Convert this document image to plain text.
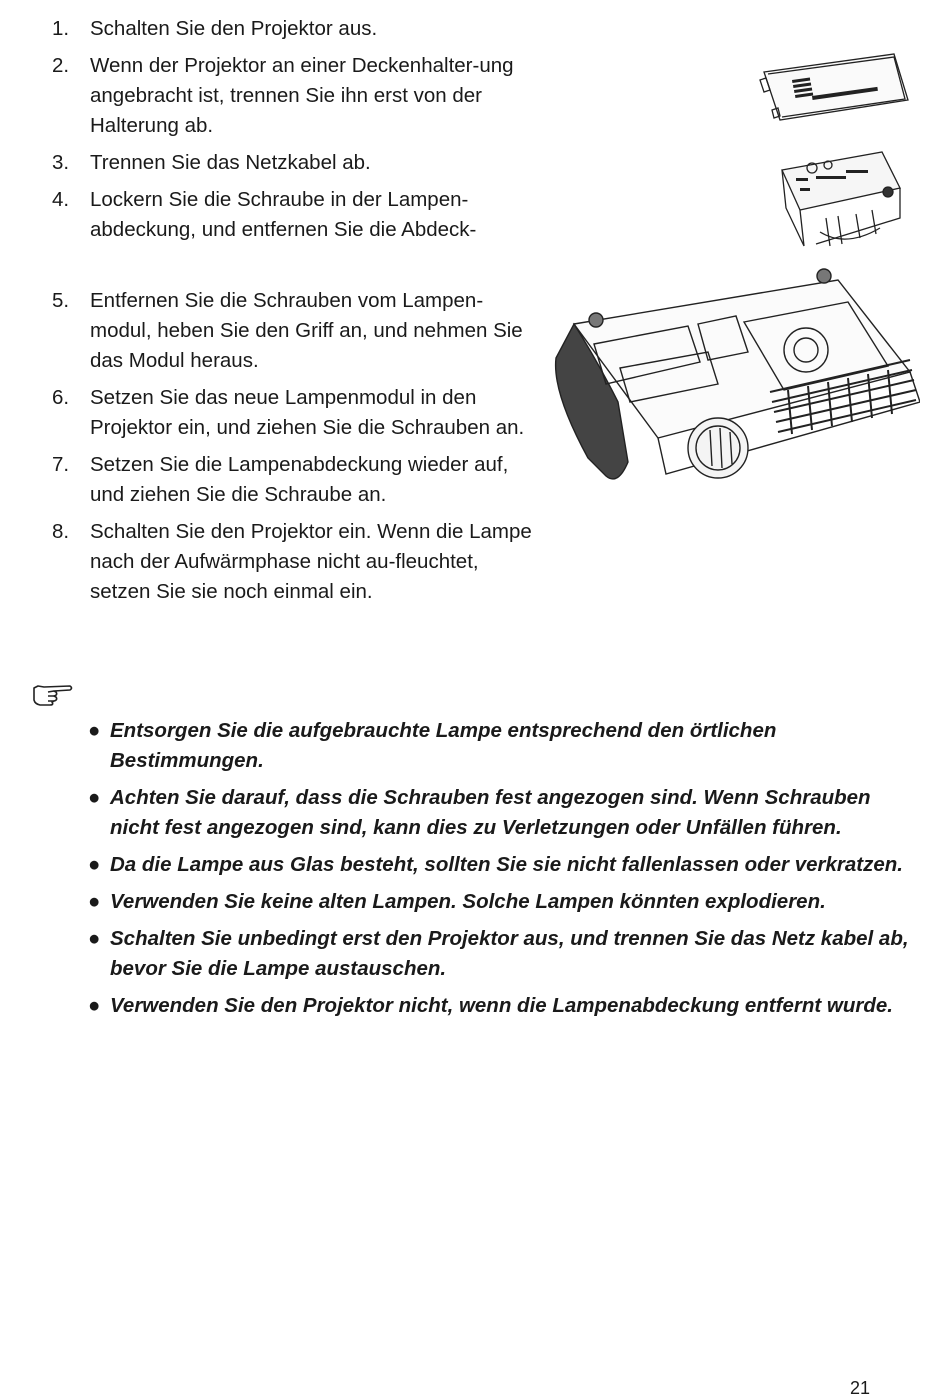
1.	Schalten Sie den Projektor aus.
2.	Wenn der Projektor an einer Deckenhalter-ung angebracht ist, trennen Sie ihn erst von der Halterung ab.
3.	Trennen Sie das Netzkabel ab.
4.	Lockern Sie die Schraube in der Lampen-abdeckung, und entfernen Sie die Abdeck-
5.	Entfernen Sie die Schrauben vom Lampen-modul, heben Sie den Griff an, und nehmen Sie das Modul heraus.
6.	Setzen Sie das neue Lampenmodul in den Projektor ein, und ziehen Sie die Schrauben an.
7.	Setzen Sie die Lampenabdeckung wieder auf, und ziehen Sie die Schraube an.
8.	Schalten Sie den Projektor ein. Wenn die Lampe nach der Aufwärmphase nicht au-fleuchtet, setzen Sie sie noch einmal ein.
● Entsorgen Sie die aufgebrauchte Lampe entsprechend den örtlichen Bestimmungen.
● Achten Sie darauf, dass die Schrauben fest angezogen sind. Wenn Schrauben nicht fest angezogen sind, kann dies zu Verletzungen oder Unfällen führen.
● Da die Lampe aus Glas besteht, sollten Sie sie nicht fallenlassen oder verkratzen.
● Verwenden Sie keine alten Lampen. Solche Lampen könnten explodieren.
● Schalten Sie unbedingt erst den Projektor aus, und trennen Sie das Netz kabel ab, bevor Sie die Lampe austauschen.
● Verwenden Sie den Projektor nicht, wenn die Lampenabdeckung entfernt wurde.
21
